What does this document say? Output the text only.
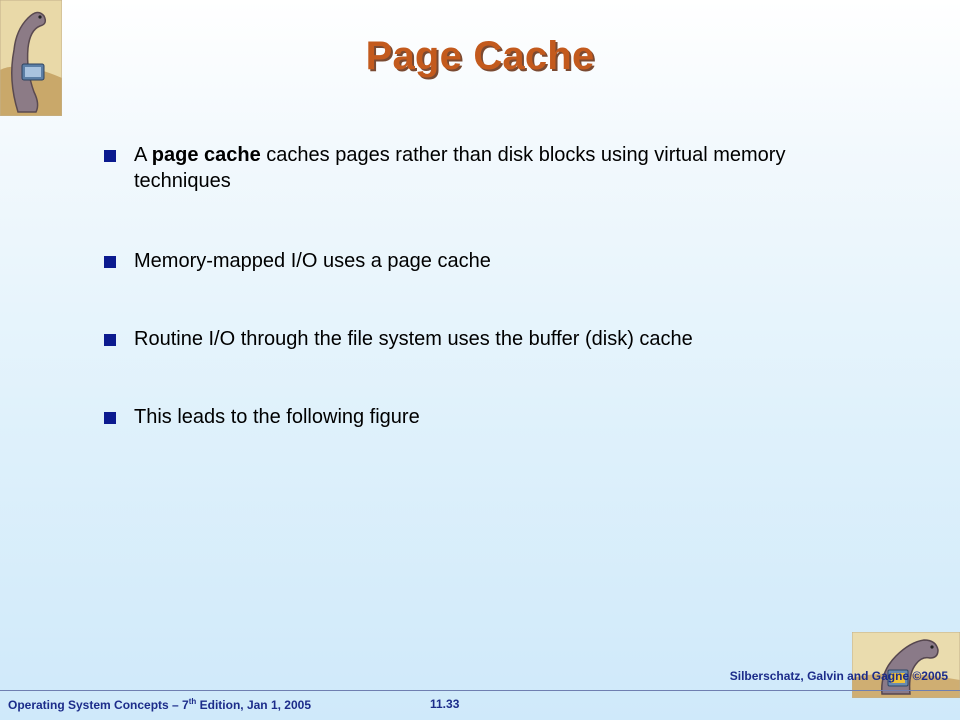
Page Cache
A page cache caches pages rather than disk blocks using virtual memory techniques
Memory-mapped I/O uses a page cache
Routine I/O through the file system uses the buffer (disk) cache
This leads to the following figure
Operating System Concepts – 7th Edition, Jan 1, 2005	11.33
Silberschatz, Galvin and Gagne ©2005
